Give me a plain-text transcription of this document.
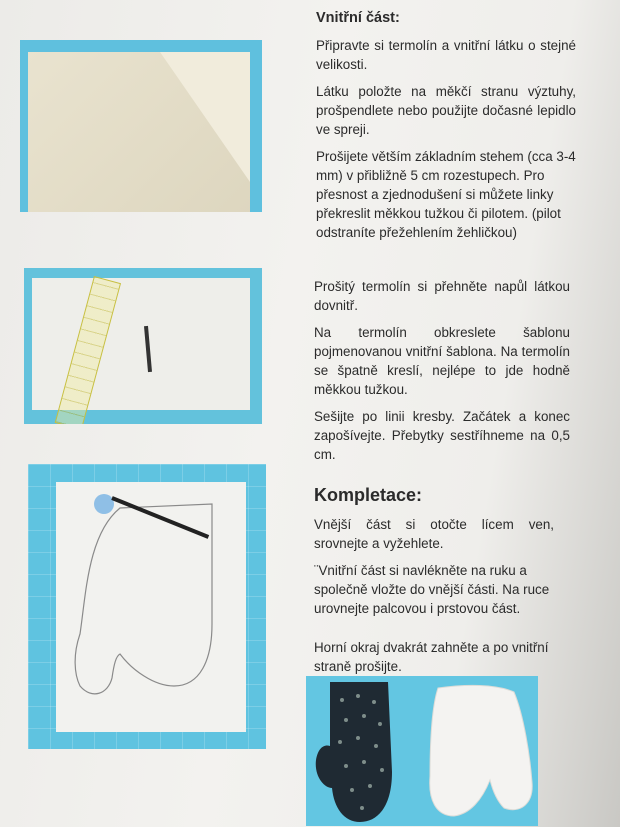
Vnitřní část:

Připravte si termolín a vnitřní látku o stejné velikosti.

Látku položte na měkčí stranu výztuhy, prošpendlete nebo použijte dočasné lepidlo ve spreji.

Prošijete větším základním stehem (cca 3-4 mm) v přibližně 5 cm rozestupech. Pro přesnost a zjednodušení si můžete linky překreslit měkkou tužkou či pilotem. (pilot odstraníte přežehlením žehličkou)

Prošitý termolín si přehněte napůl látkou dovnitř.

Na termolín obkreslete šablonu pojmenovanou vnitřní šablona. Na termolín se špatně kreslí, nejlépe to jde hodně měkkou tužkou.

Sešijte po linii kresby. Začátek a konec zapošívejte. Přebytky sestříhneme na 0,5 cm.

Kompletace:

Vnější část si otočte lícem ven, srovnejte a vyžehlete.

¨Vnitřní část si navlékněte na ruku a společně vložte do vnější části. Na ruce urovnejte palcovou i prstovou část.

Horní okraj dvakrát zahněte a po vnitřní straně prošijte.
